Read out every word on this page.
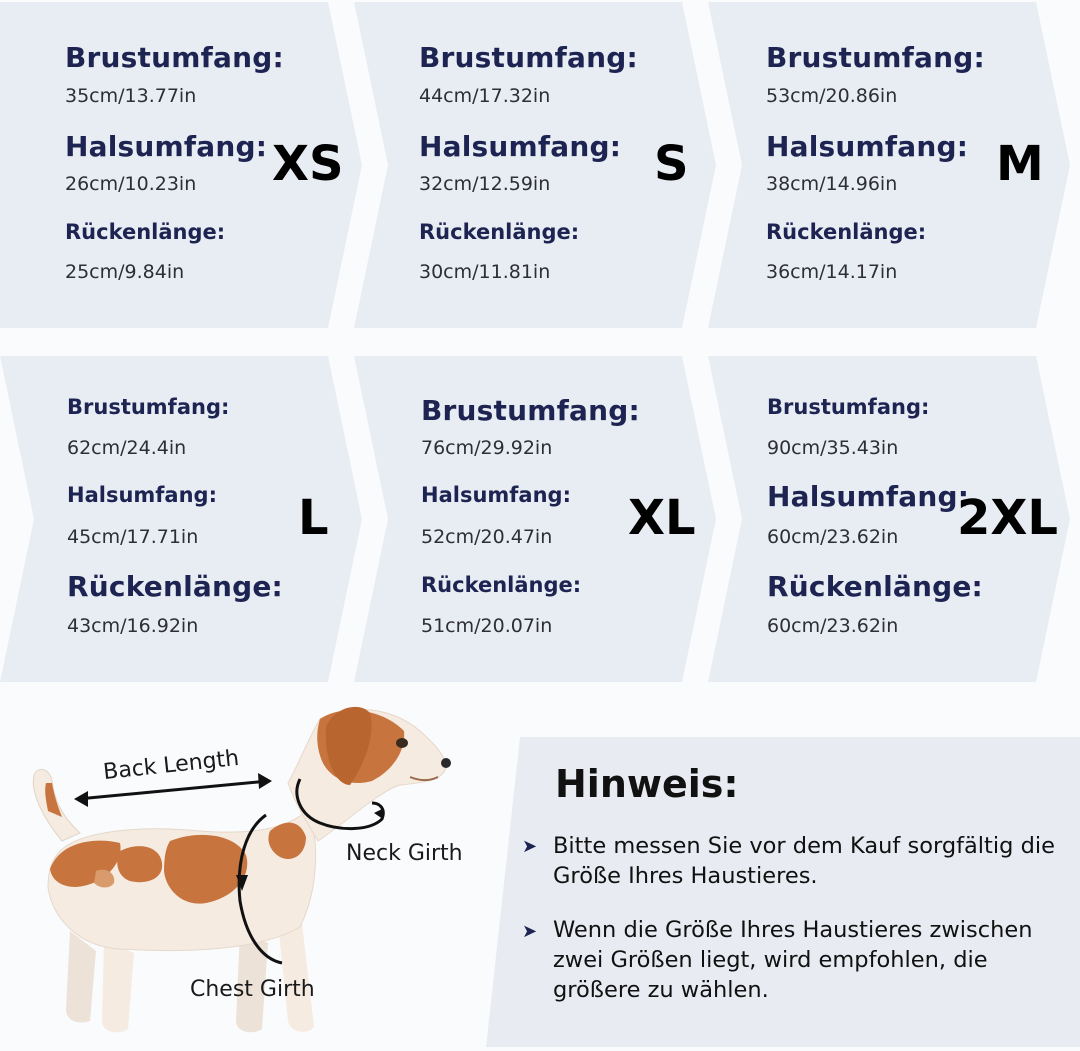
Brustumfang:
35cm/13.77in
Halsumfang:
26cm/10.23in
Rückenlänge:
25cm/9.84in
XS
Brustumfang:
44cm/17.32in
Halsumfang:
32cm/12.59in
Rückenlänge:
30cm/11.81in
S
Brustumfang:
53cm/20.86in
Halsumfang:
38cm/14.96in
Rückenlänge:
36cm/14.17in
M
Brustumfang:
62cm/24.4in
Halsumfang:
45cm/17.71in
Rückenlänge:
43cm/16.92in
L
Brustumfang:
76cm/29.92in
Halsumfang:
52cm/20.47in
Rückenlänge:
51cm/20.07in
XL
Brustumfang:
90cm/35.43in
Halsumfang:
60cm/23.62in
Rückenlänge:
60cm/23.62in
2XL
Back Length
Neck Girth
Chest Girth
Hinweis:
➤ Bitte messen Sie vor dem Kauf sorgfältig die Größe Ihres Haustieres.
➤ Wenn die Größe Ihres Haustieres zwischen zwei Größen liegt, wird empfohlen, die größere zu wählen.
